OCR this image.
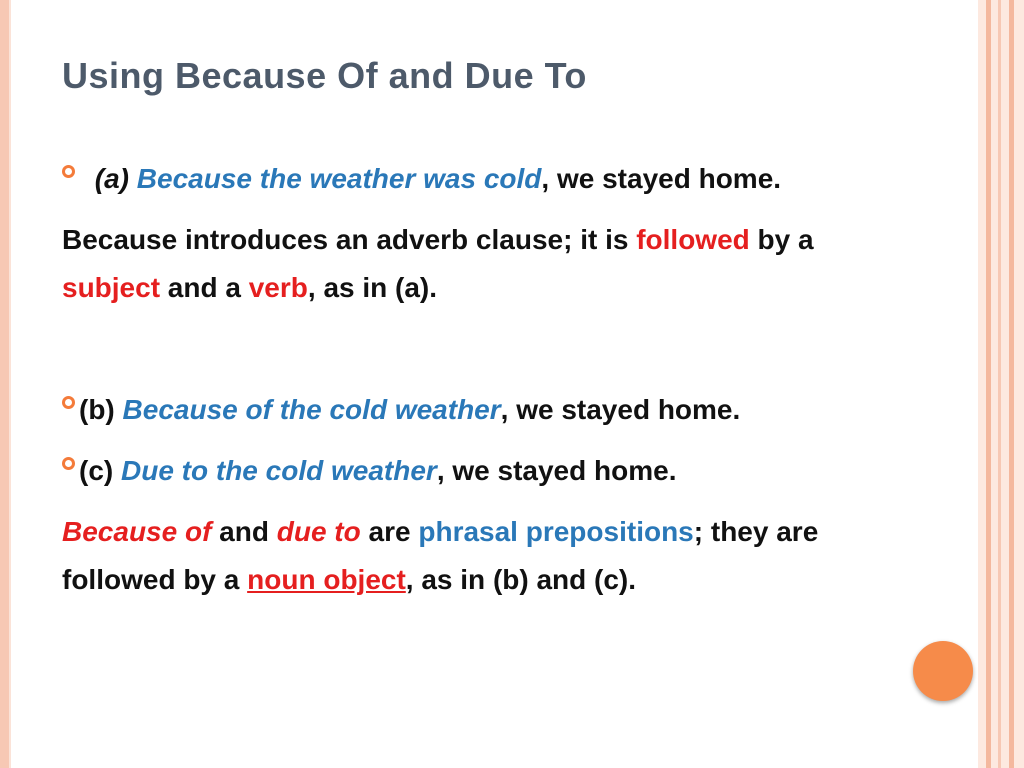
Using Because Of and Due To
(a) Because the weather was cold, we stayed home.
Because introduces an adverb clause; it is followed by a
subject and a verb, as in (a).
(b) Because of the cold weather, we stayed home.
(c) Due to the cold weather, we stayed home.
Because of and due to are phrasal prepositions; they are
followed by a noun object, as in (b) and (c).
